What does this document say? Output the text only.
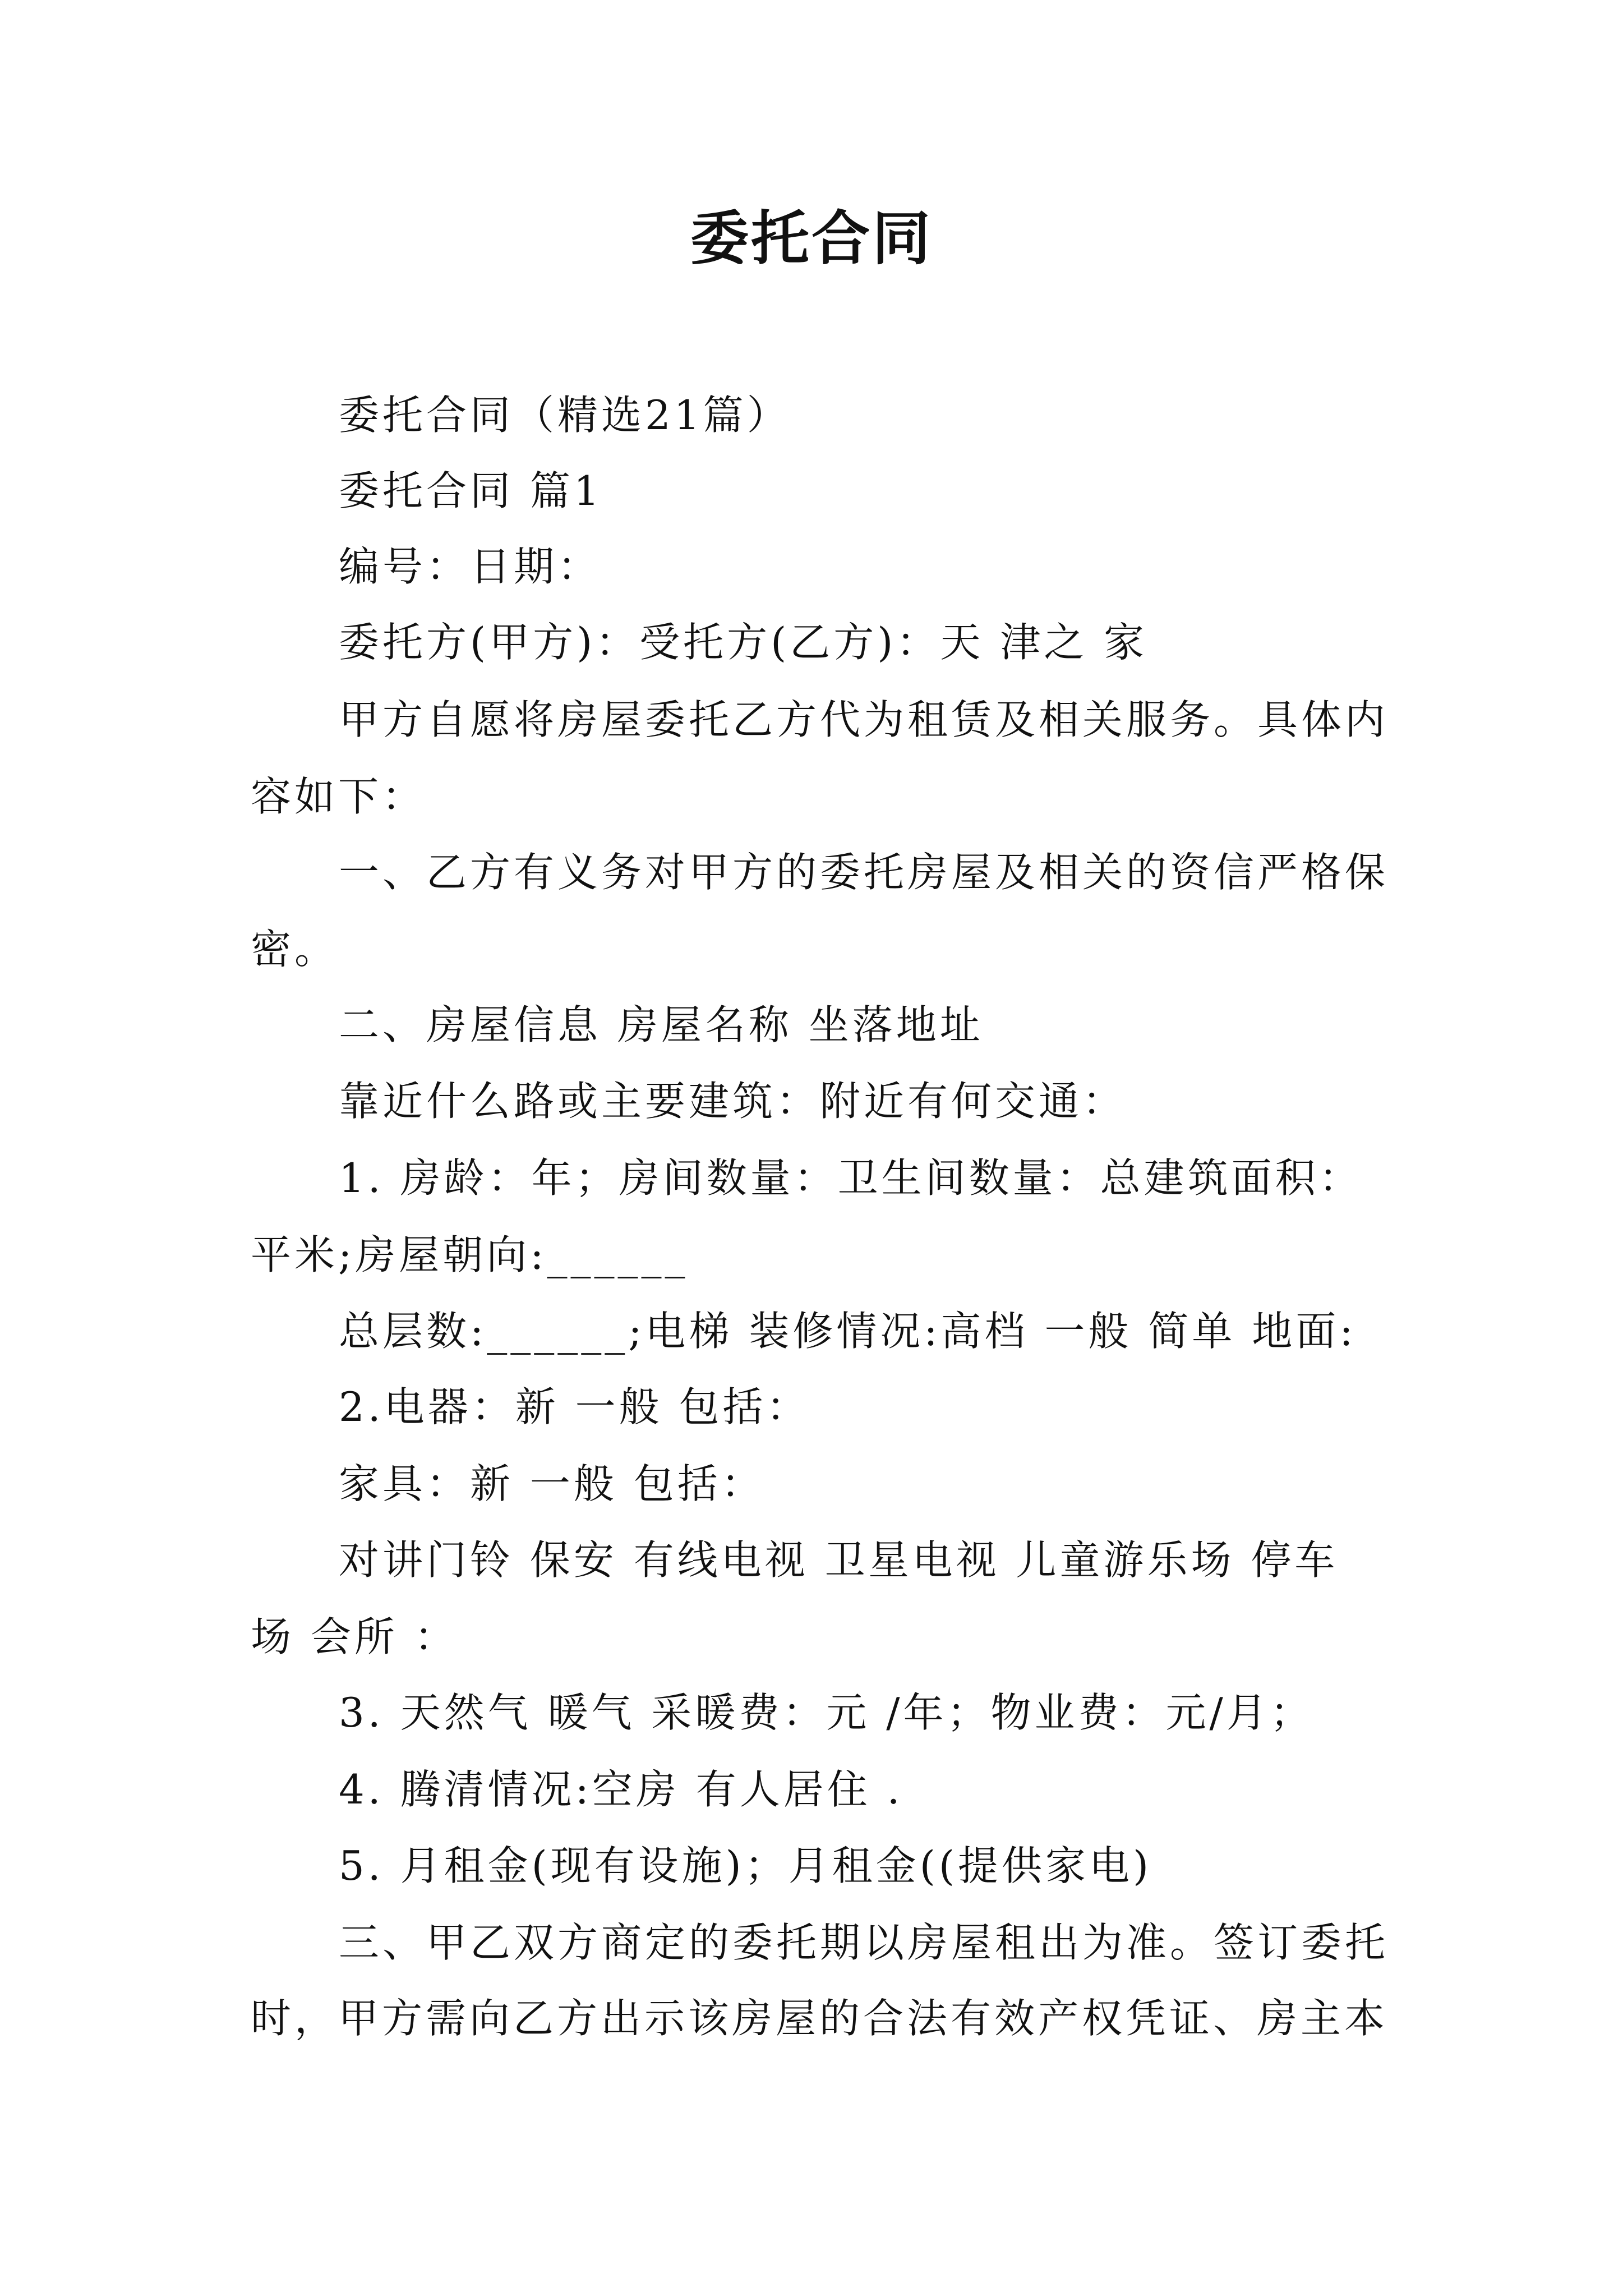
委托合同
委托合同（精选21篇）
委托合同 篇1
编号：日期：
委托方(甲方)：受托方(乙方)：天 津之 家
甲方自愿将房屋委托乙方代为租赁及相关服务。具体内
容如下：
一、乙方有义务对甲方的委托房屋及相关的资信严格保
密。
二、房屋信息 房屋名称 坐落地址
靠近什么路或主要建筑：附近有何交通：
1. 房龄：年；房间数量：卫生间数量：总建筑面积：
平米;房屋朝向:______
总层数:______;电梯 装修情况:高档 一般 简单 地面:
2.电器：新 一般 包括：
家具：新 一般 包括：
对讲门铃 保安 有线电视 卫星电视 儿童游乐场 停车
场 会所 ：
3. 天然气 暖气 采暖费：元 /年；物业费：元/月；
4. 腾清情况:空房 有人居住 .
5. 月租金(现有设施)；月租金((提供家电)
三、甲乙双方商定的委托期以房屋租出为准。签订委托
时，甲方需向乙方出示该房屋的合法有效产权凭证、房主本
